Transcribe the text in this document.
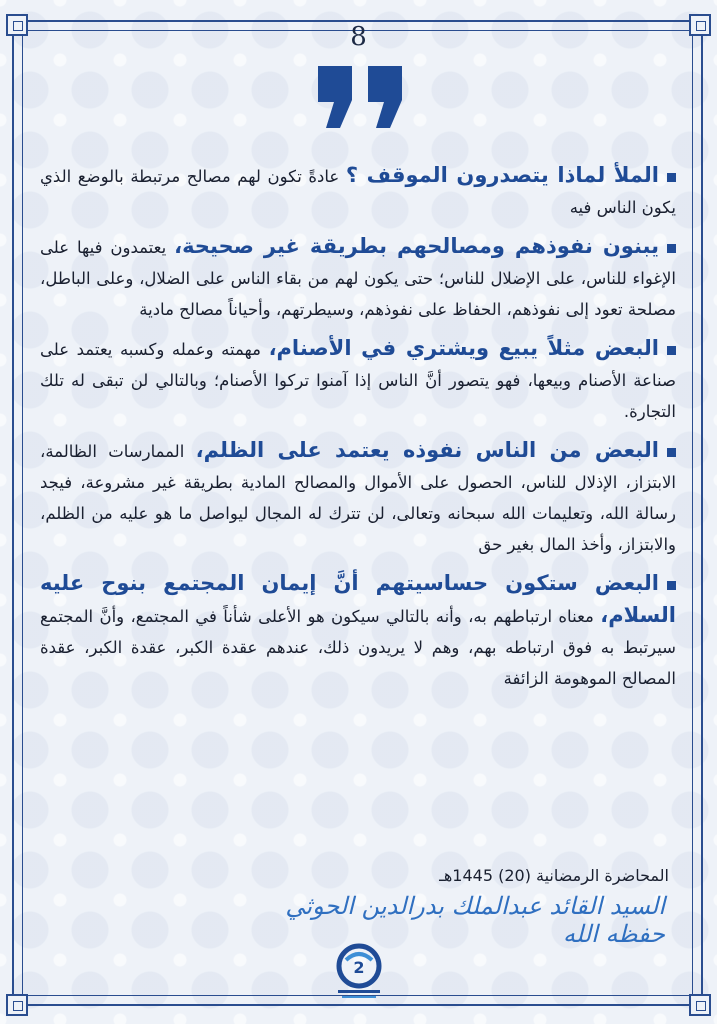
8

الملأ لماذا يتصدرون الموقف ؟ عادةً تكون لهم مصالح مرتبطة بالوضع الذي يكون الناس فيه

يبنون نفوذهم ومصالحهم بطريقة غير صحيحة، يعتمدون فيها على الإغواء للناس، على الإضلال للناس؛ حتى يكون لهم من بقاء الناس على الضلال، وعلى الباطل، مصلحة تعود إلى نفوذهم، الحفاظ على نفوذهم، وسيطرتهم، وأحياناً مصالح مادية

البعض مثلاً يبيع ويشتري في الأصنام، مهمته وعمله وكسبه يعتمد على صناعة الأصنام وبيعها، فهو يتصور أنَّ الناس إذا آمنوا تركوا الأصنام؛ وبالتالي لن تبقى له تلك التجارة.

البعض من الناس نفوذه يعتمد على الظلم، الممارسات الظالمة، الابتزاز، الإذلال للناس، الحصول على الأموال والمصالح المادية بطريقة غير مشروعة، فيجد رسالة الله، وتعليمات الله سبحانه وتعالى، لن تترك له المجال ليواصل ما هو عليه من الظلم، والابتزاز، وأخذ المال بغير حق

البعض ستكون حساسيتهم أنَّ إيمان المجتمع بنوح عليه السلام، معناه ارتباطهم به، وأنه بالتالي سيكون هو الأعلى شأناً في المجتمع، وأنَّ المجتمع سيرتبط به فوق ارتباطه بهم، وهم لا يريدون ذلك، عندهم عقدة الكبر، عقدة الكبر، عقدة المصالح الموهومة الزائفة

المحاضرة الرمضانية (20) 1445هـ
السيد القائد عبدالملك بدرالدين الحوثي حفظه الله
2
